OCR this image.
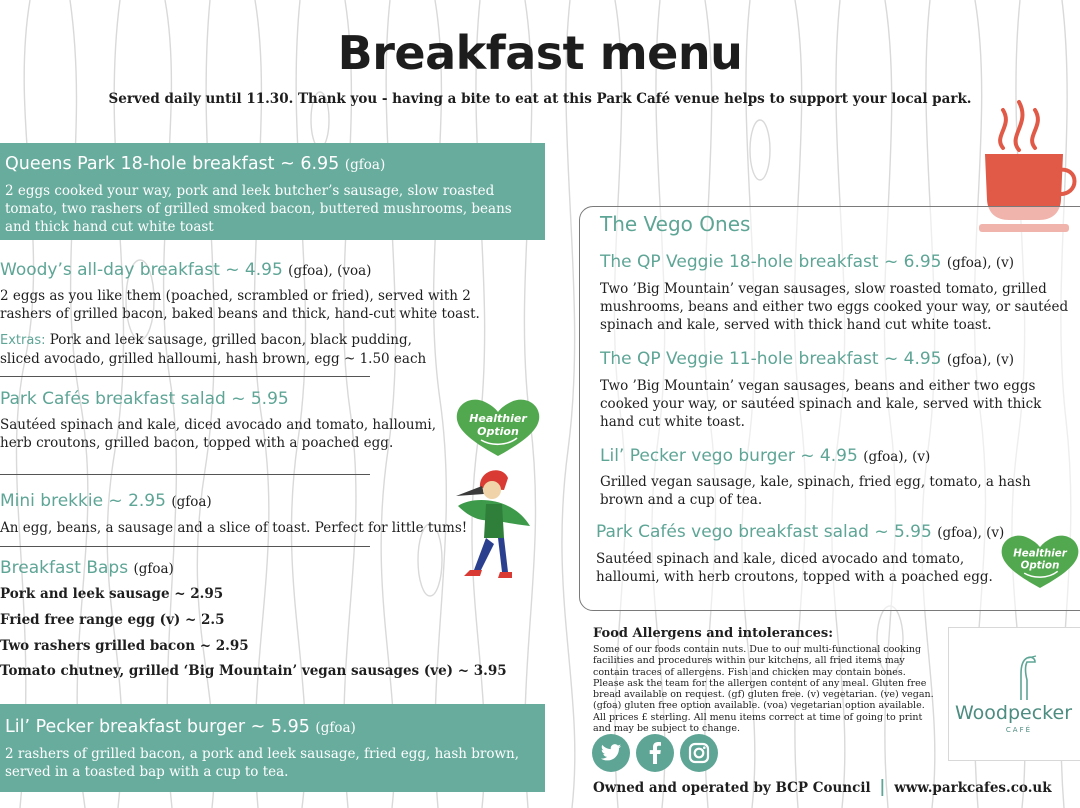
Breakfast menu
Served daily until 11.30. Thank you - having a bite to eat at this Park Café venue helps to support your local park.
Queens Park 18-hole breakfast ~ 6.95 (gfoa)
2 eggs cooked your way, pork and leek butcher’s sausage, slow roasted tomato, two rashers of grilled smoked bacon, buttered mushrooms, beans and thick hand cut white toast
Woody’s all-day breakfast ~ 4.95 (gfoa), (voa)
2 eggs as you like them (poached, scrambled or fried), served with 2 rashers of grilled bacon, baked beans and thick, hand-cut white toast.
Extras: Pork and leek sausage, grilled bacon, black pudding, sliced avocado, grilled halloumi, hash brown, egg ~ 1.50 each
Park Cafés breakfast salad ~ 5.95
Sautéed spinach and kale, diced avocado and tomato, halloumi, herb croutons, grilled bacon, topped with a poached egg.
Healthier
Option
Mini brekkie ~ 2.95 (gfoa)
An egg, beans, a sausage and a slice of toast. Perfect for little tums!
Breakfast Baps (gfoa)
Pork and leek sausage ~ 2.95
Fried free range egg (v) ~ 2.5
Two rashers grilled bacon ~ 2.95
Tomato chutney, grilled ‘Big Mountain’ vegan sausages (ve) ~ 3.95
Lil’ Pecker breakfast burger ~ 5.95 (gfoa)
2 rashers of grilled bacon, a pork and leek sausage, fried egg, hash brown, served in a toasted bap with a cup to tea.
The Vego Ones
The QP Veggie 18-hole breakfast ~ 6.95 (gfoa), (v)
Two ’Big Mountain’ vegan sausages, slow roasted tomato, grilled mushrooms, beans and either two eggs cooked your way, or sautéed spinach and kale, served with thick hand cut white toast.
The QP Veggie 11-hole breakfast ~ 4.95 (gfoa), (v)
Two ’Big Mountain’ vegan sausages, beans and either two eggs cooked your way, or sautéed spinach and kale, served with thick hand cut white toast.
Lil’ Pecker vego burger ~ 4.95 (gfoa), (v)
Grilled vegan sausage, kale, spinach, fried egg, tomato, a hash brown and a cup of tea.
Park Cafés vego breakfast salad ~ 5.95 (gfoa), (v)
Sautéed spinach and kale, diced avocado and tomato, halloumi, with herb croutons, topped with a poached egg.
Healthier
Option
Food Allergens and intolerances:
Some of our foods contain nuts. Due to our multi-functional cooking facilities and procedures within our kitchens, all fried items may contain traces of allergens. Fish and chicken may contain bones. Please ask the team for the allergen content of any meal. Gluten free bread available on request. (gf) gluten free. (v) vegetarian. (ve) vegan. (gfoa) gluten free option available. (voa) vegetarian option available. All prices £ sterling. All menu items correct at time of going to print and may be subject to change.
Owned and operated by BCP Council | www.parkcafes.co.uk
Woodpecker
CAFÉ
